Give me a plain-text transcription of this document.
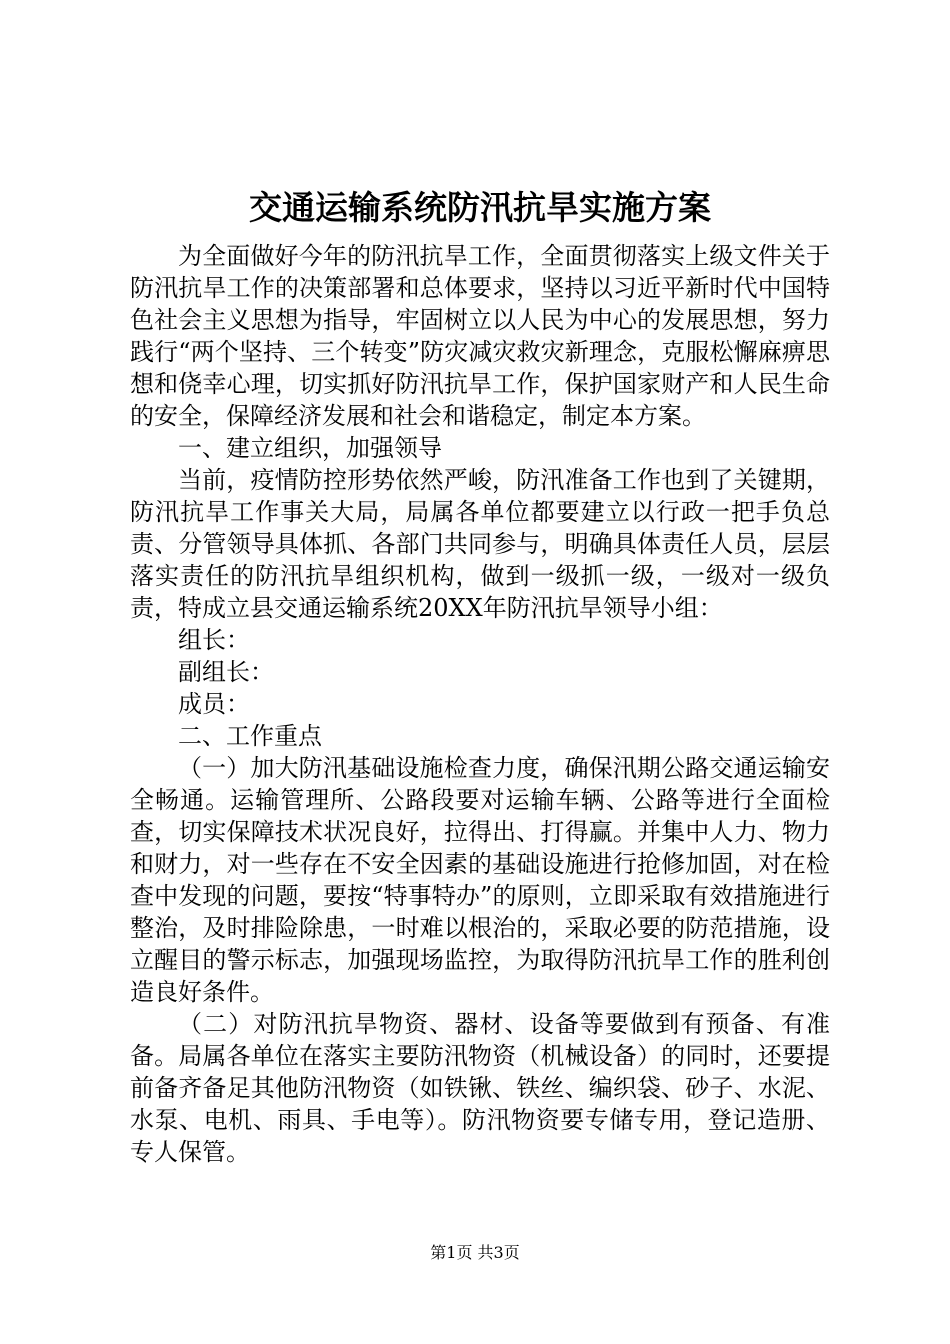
交通运输系统防汛抗旱实施方案

为全面做好今年的防汛抗旱工作，全面贯彻落实上级文件关于防汛抗旱工作的决策部署和总体要求，坚持以习近平新时代中国特色社会主义思想为指导，牢固树立以人民为中心的发展思想，努力践行“两个坚持、三个转变”防灾减灾救灾新理念，克服松懈麻痹思想和侥幸心理，切实抓好防汛抗旱工作，保护国家财产和人民生命的安全，保障经济发展和社会和谐稳定，制定本方案。

一、建立组织，加强领导

当前，疫情防控形势依然严峻，防汛准备工作也到了关键期，防汛抗旱工作事关大局，局属各单位都要建立以行政一把手负总责、分管领导具体抓、各部门共同参与，明确具体责任人员，层层落实责任的防汛抗旱组织机构，做到一级抓一级，一级对一级负责，特成立县交通运输系统20XX年防汛抗旱领导小组：

组长：

副组长：

成员：

二、工作重点

（一）加大防汛基础设施检查力度，确保汛期公路交通运输安全畅通。运输管理所、公路段要对运输车辆、公路等进行全面检查，切实保障技术状况良好，拉得出、打得赢。并集中人力、物力和财力，对一些存在不安全因素的基础设施进行抢修加固，对在检查中发现的问题，要按“特事特办”的原则，立即采取有效措施进行整治，及时排险除患，一时难以根治的，采取必要的防范措施，设立醒目的警示标志，加强现场监控，为取得防汛抗旱工作的胜利创造良好条件。

（二）对防汛抗旱物资、器材、设备等要做到有预备、有准备。局属各单位在落实主要防汛物资（机械设备）的同时，还要提前备齐备足其他防汛物资（如铁锹、铁丝、编织袋、砂子、水泥、水泵、电机、雨具、手电等）。防汛物资要专储专用，登记造册、专人保管。

第1页 共3页
